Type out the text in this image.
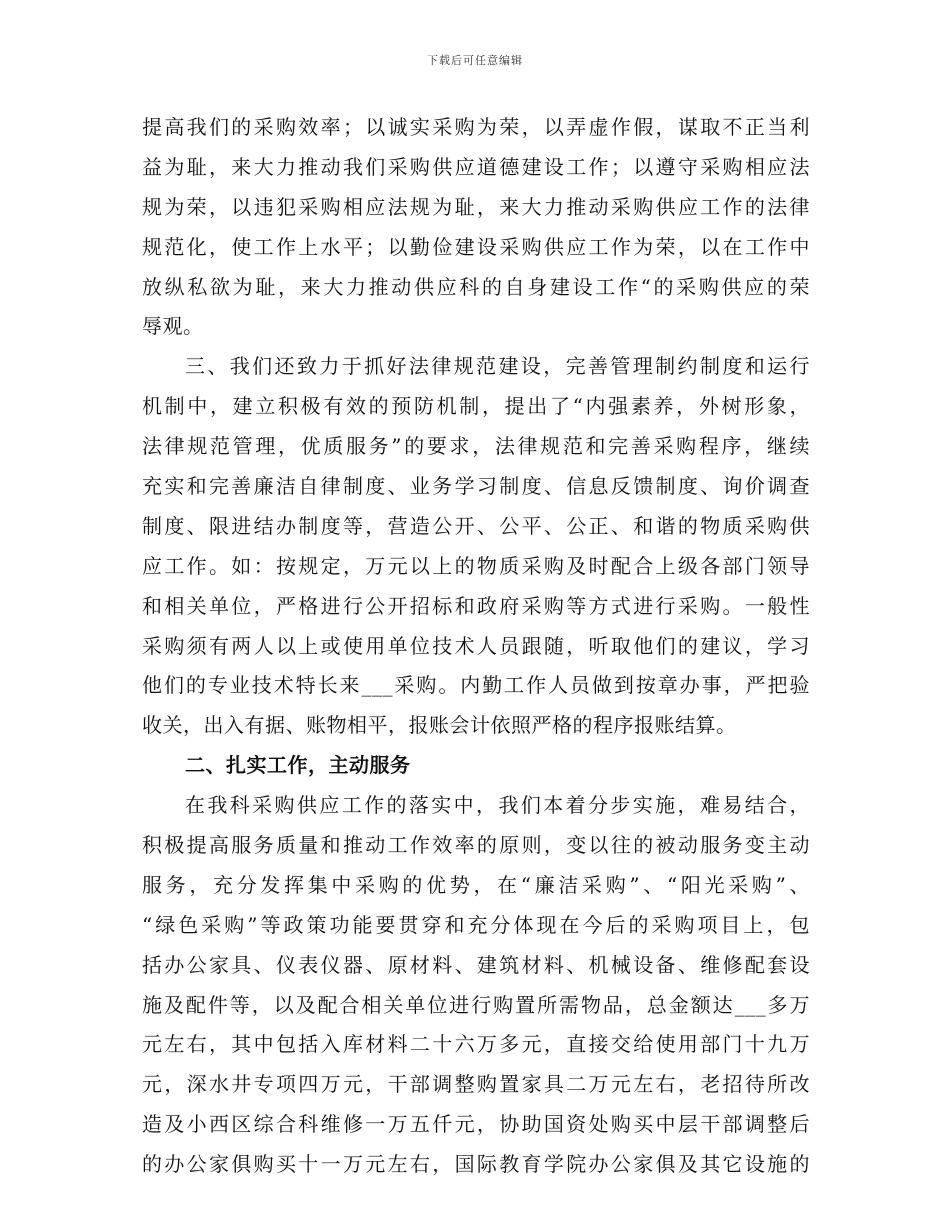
下载后可任意编辑
提高我们的采购效率；以诚实采购为荣，以弄虚作假，谋取不正当利
益为耻，来大力推动我们采购供应道德建设工作；以遵守采购相应法
规为荣，以违犯采购相应法规为耻，来大力推动采购供应工作的法律
规范化，使工作上水平；以勤俭建设采购供应工作为荣，以在工作中
放纵私欲为耻，来大力推动供应科的自身建设工作“的采购供应的荣
辱观。
三、我们还致力于抓好法律规范建设，完善管理制约制度和运行
机制中，建立积极有效的预防机制，提出了“内强素养，外树形象，
法律规范管理，优质服务”的要求，法律规范和完善采购程序，继续
充实和完善廉洁自律制度、业务学习制度、信息反馈制度、询价调查
制度、限进结办制度等，营造公开、公平、公正、和谐的物质采购供
应工作。如：按规定，万元以上的物质采购及时配合上级各部门领导
和相关单位，严格进行公开招标和政府采购等方式进行采购。一般性
采购须有两人以上或使用单位技术人员跟随，听取他们的建议，学习
他们的专业技术特长来___采购。内勤工作人员做到按章办事，严把验
收关，出入有据、账物相平，报账会计依照严格的程序报账结算。
二、扎实工作，主动服务
在我科采购供应工作的落实中，我们本着分步实施，难易结合，
积极提高服务质量和推动工作效率的原则，变以往的被动服务变主动
服务，充分发挥集中采购的优势，在“廉洁采购”、“阳光采购”、
“绿色采购”等政策功能要贯穿和充分体现在今后的采购项目上，包
括办公家具、仪表仪器、原材料、建筑材料、机械设备、维修配套设
施及配件等，以及配合相关单位进行购置所需物品，总金额达___多万
元左右，其中包括入库材料二十六万多元，直接交给使用部门十九万
元，深水井专项四万元，干部调整购置家具二万元左右，老招待所改
造及小西区综合科维修一万五仟元，协助国资处购买中层干部调整后
的办公家俱购买十一万元左右，国际教育学院办公家俱及其它设施的
